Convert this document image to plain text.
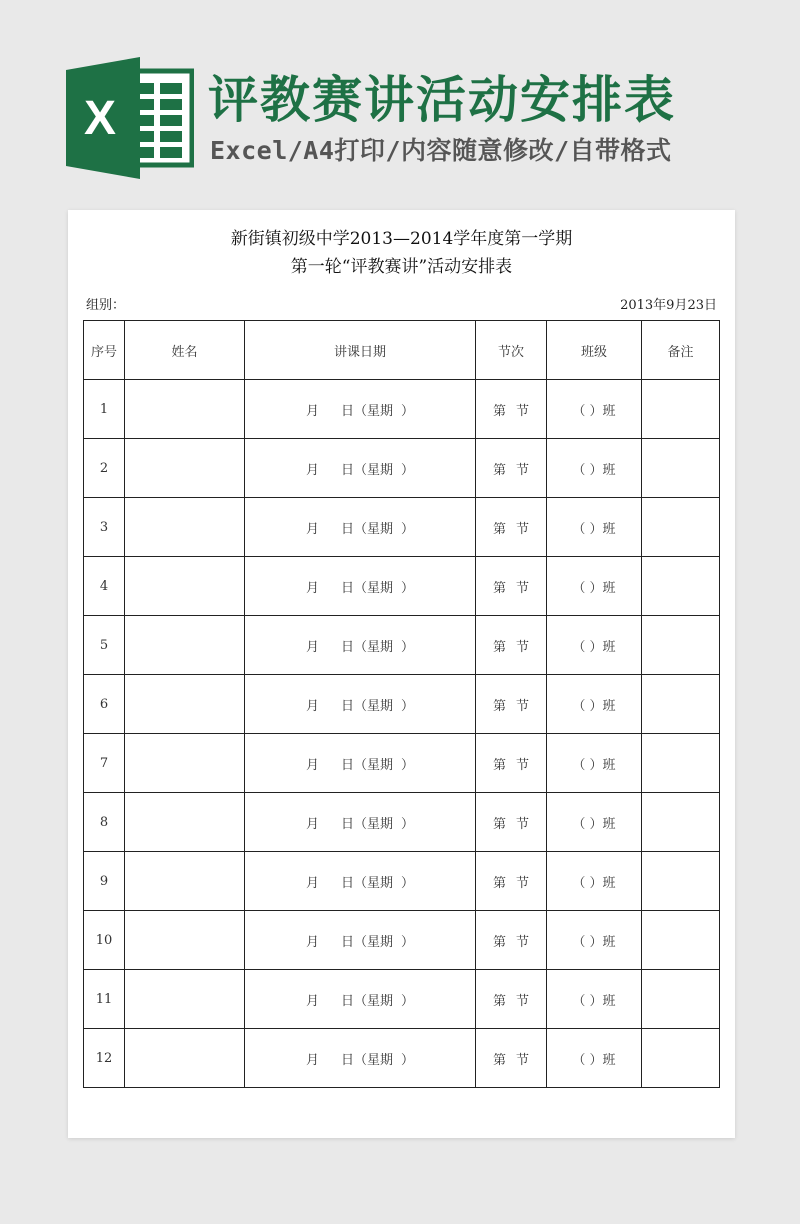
X 评教赛讲活动安排表
Excel/A4打印/内容随意修改/自带格式
新街镇初级中学2013—2014学年度第一学期
第一轮“评教赛讲”活动安排表
组别：	2013年9月23日
序号	姓名	讲课日期	节次	班级	备注
1		月 日（星期 ）	第 节	（ ）班	
2		月 日（星期 ）	第 节	（ ）班	
3		月 日（星期 ）	第 节	（ ）班	
4		月 日（星期 ）	第 节	（ ）班	
5		月 日（星期 ）	第 节	（ ）班	
6		月 日（星期 ）	第 节	（ ）班	
7		月 日（星期 ）	第 节	（ ）班	
8		月 日（星期 ）	第 节	（ ）班	
9		月 日（星期 ）	第 节	（ ）班	
10		月 日（星期 ）	第 节	（ ）班	
11		月 日（星期 ）	第 节	（ ）班	
12		月 日（星期 ）	第 节	（ ）班	
